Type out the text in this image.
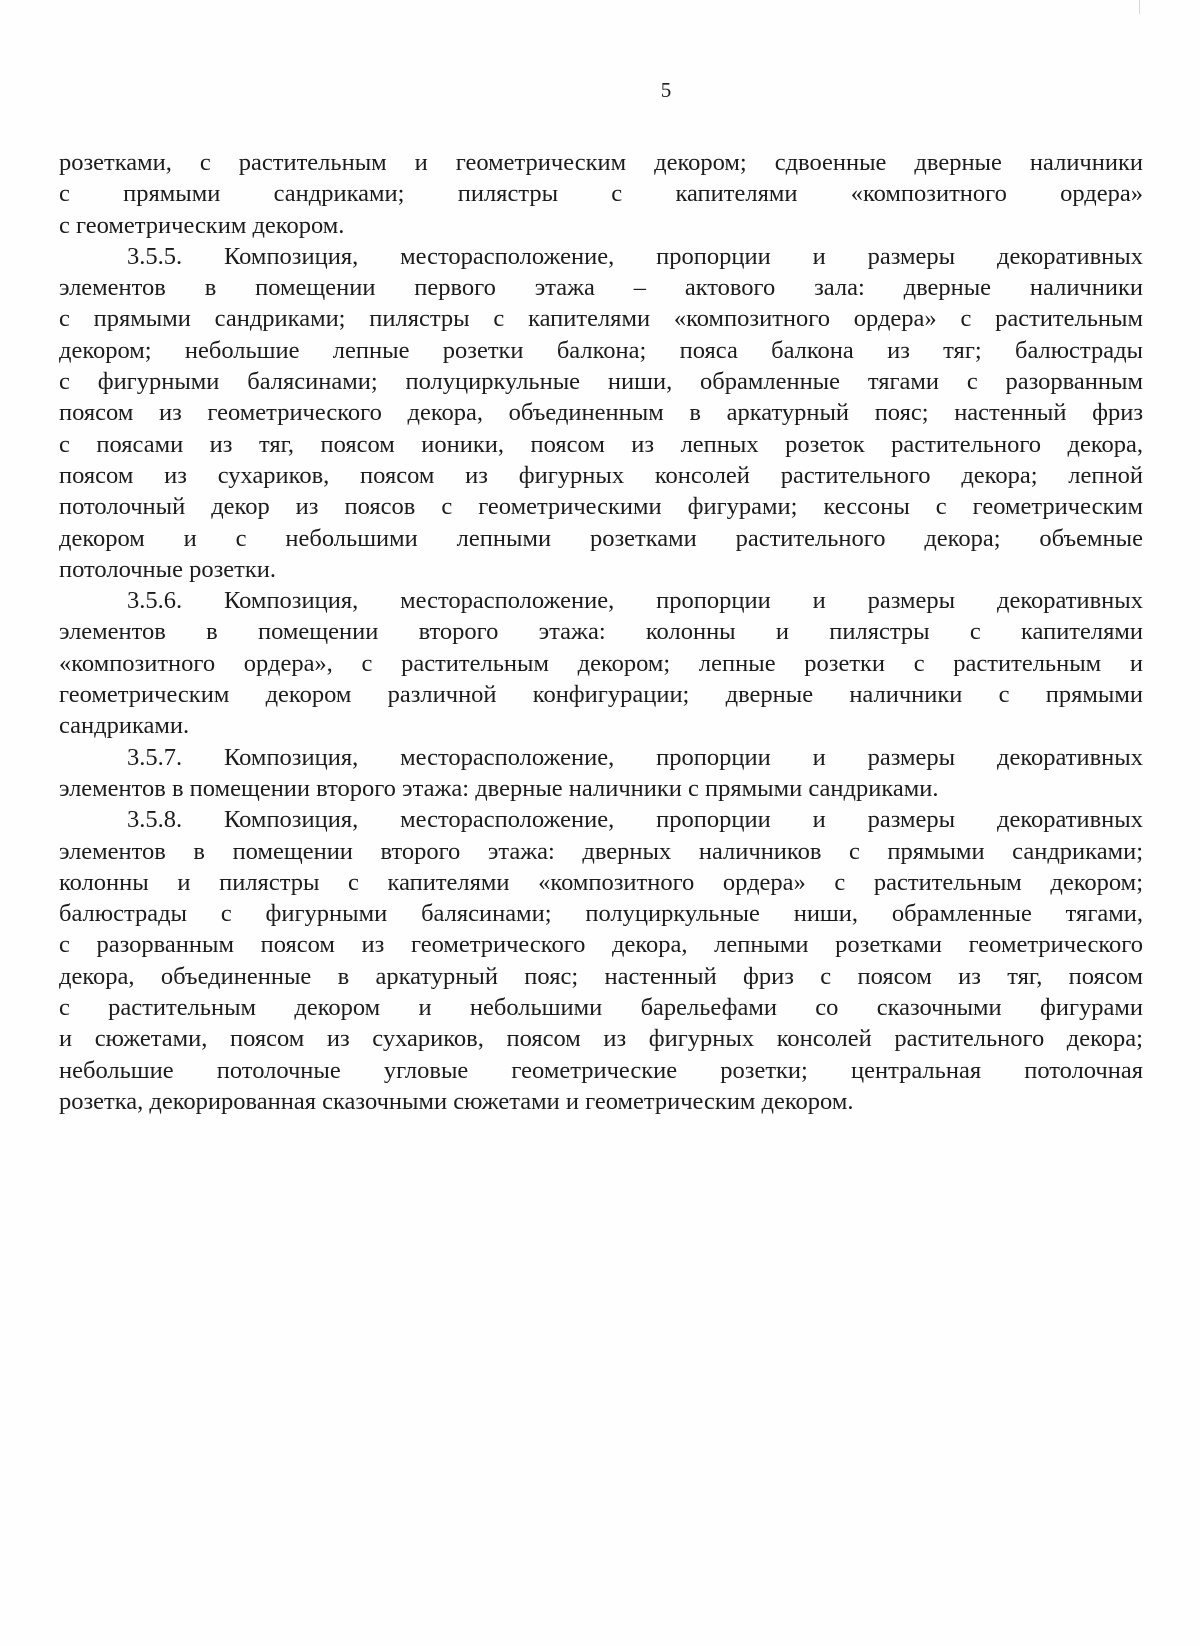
5
розетками, с растительным и геометрическим декором; сдвоенные дверные наличники
с прямыми сандриками; пилястры с капителями «композитного ордера»
с геометрическим декором.
3.5.5. Композиция, месторасположение, пропорции и размеры декоративных
элементов в помещении первого этажа – актового зала: дверные наличники
с прямыми сандриками; пилястры с капителями «композитного ордера» с растительным
декором; небольшие лепные розетки балкона; пояса балкона из тяг; балюстрады
с фигурными балясинами; полуциркульные ниши, обрамленные тягами с разорванным
поясом из геометрического декора, объединенным в аркатурный пояс; настенный фриз
с поясами из тяг, поясом ионики, поясом из лепных розеток растительного декора,
поясом из сухариков, поясом из фигурных консолей растительного декора; лепной
потолочный декор из поясов с геометрическими фигурами; кессоны с геометрическим
декором и с небольшими лепными розетками растительного декора; объемные
потолочные розетки.
3.5.6. Композиция, месторасположение, пропорции и размеры декоративных
элементов в помещении второго этажа: колонны и пилястры с капителями
«композитного ордера», с растительным декором; лепные розетки с растительным и
геометрическим декором различной конфигурации; дверные наличники с прямыми
сандриками.
3.5.7. Композиция, месторасположение, пропорции и размеры декоративных
элементов в помещении второго этажа: дверные наличники с прямыми сандриками.
3.5.8. Композиция, месторасположение, пропорции и размеры декоративных
элементов в помещении второго этажа: дверных наличников с прямыми сандриками;
колонны и пилястры с капителями «композитного ордера» с растительным декором;
балюстрады с фигурными балясинами; полуциркульные ниши, обрамленные тягами,
с разорванным поясом из геометрического декора, лепными розетками геометрического
декора, объединенные в аркатурный пояс; настенный фриз с поясом из тяг, поясом
с растительным декором и небольшими барельефами со сказочными фигурами
и сюжетами, поясом из сухариков, поясом из фигурных консолей растительного декора;
небольшие потолочные угловые геометрические розетки; центральная потолочная
розетка, декорированная сказочными сюжетами и геометрическим декором.
